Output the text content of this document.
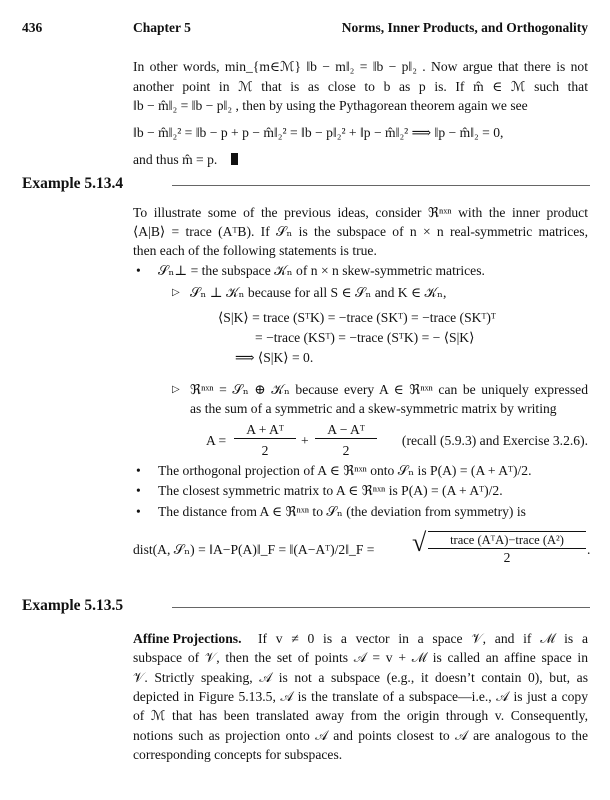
436	Chapter 5	Norms, Inner Products, and Orthogonality
In other words, min_{m∈ℳ} ‖b − m‖₂ = ‖b − p‖₂ . Now argue that there is not
another point in ℳ that is as close to b as p is. If m̂ ∈ ℳ such that
‖b − m̂‖₂ = ‖b − p‖₂ , then by using the Pythagorean theorem again we see
‖b − m̂‖₂² = ‖b − p + p − m̂‖₂² = ‖b − p‖₂² + ‖p − m̂‖₂² ⟹ ‖p − m̂‖₂ = 0,
and thus m̂ = p.
Example 5.13.4
To illustrate some of the previous ideas, consider ℜⁿˣⁿ with the inner product
⟨A|B⟩ = trace (AᵀB). If 𝒮ₙ is the subspace of n × n real-symmetric matrices,
then each of the following statements is true.
• 𝒮ₙ⊥ = the subspace 𝒦ₙ of n × n skew-symmetric matrices.
▷ 𝒮ₙ ⊥ 𝒦ₙ because for all S ∈ 𝒮ₙ and K ∈ 𝒦ₙ,
⟨S|K⟩ = trace (SᵀK) = −trace (SKᵀ) = −trace (SKᵀ)ᵀ
= −trace (KSᵀ) = −trace (SᵀK) = − ⟨S|K⟩
⟹ ⟨S|K⟩ = 0.
▷ ℜⁿˣⁿ = 𝒮ₙ ⊕ 𝒦ₙ because every A ∈ ℜⁿˣⁿ can be uniquely expressed
as the sum of a symmetric and a skew-symmetric matrix by writing
A =
A + Aᵀ
2
+
A − Aᵀ
2
(recall (5.9.3) and Exercise 3.2.6).
• The orthogonal projection of A ∈ ℜⁿˣⁿ onto 𝒮ₙ is P(A) = (A + Aᵀ)/2.
• The closest symmetric matrix to A ∈ ℜⁿˣⁿ is P(A) = (A + Aᵀ)/2.
• The distance from A ∈ ℜⁿˣⁿ to 𝒮ₙ (the deviation from symmetry) is
dist(A, 𝒮ₙ) = ‖A−P(A)‖_F = ‖(A−Aᵀ)/2‖_F = √	trace (AᵀA)−trace (A²)
2
.
Example 5.13.5
Affine Projections. If v ≠ 0 is a vector in a space 𝒱, and if ℳ is a
subspace of 𝒱, then the set of points 𝒜 = v + ℳ is called an affine space in
𝒱. Strictly speaking, 𝒜 is not a subspace (e.g., it doesn’t contain 0), but, as
depicted in Figure 5.13.5, 𝒜 is the translate of a subspace—i.e., 𝒜 is just a copy
of ℳ that has been translated away from the origin through v. Consequently,
notions such as projection onto 𝒜 and points closest to 𝒜 are analogous to the
corresponding concepts for subspaces.
